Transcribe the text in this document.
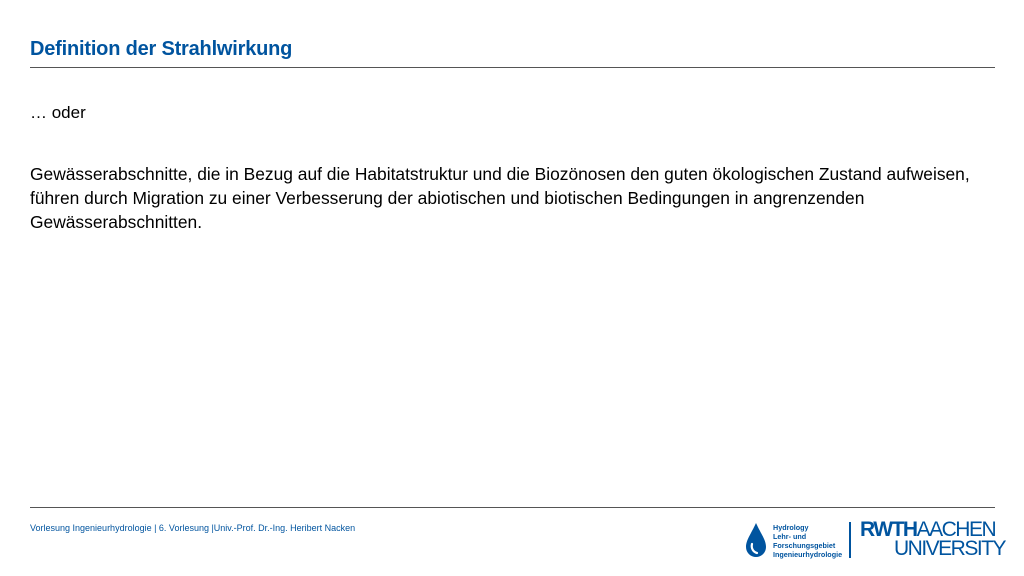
Definition der Strahlwirkung
… oder
Gewässerabschnitte, die in Bezug auf die Habitatstruktur und die Biozönosen den guten ökologischen Zustand aufweisen, führen durch Migration zu einer Verbesserung der abiotischen und biotischen Bedingungen in angrenzenden Gewässerabschnitten.
Vorlesung Ingenieurhydrologie | 6. Vorlesung |Univ.-Prof. Dr.-Ing. Heribert Nacken	Hydrology
Lehr- und
Forschungsgebiet
Ingenieurhydrologie
RWTHAACHEN
UNIVERSITY
